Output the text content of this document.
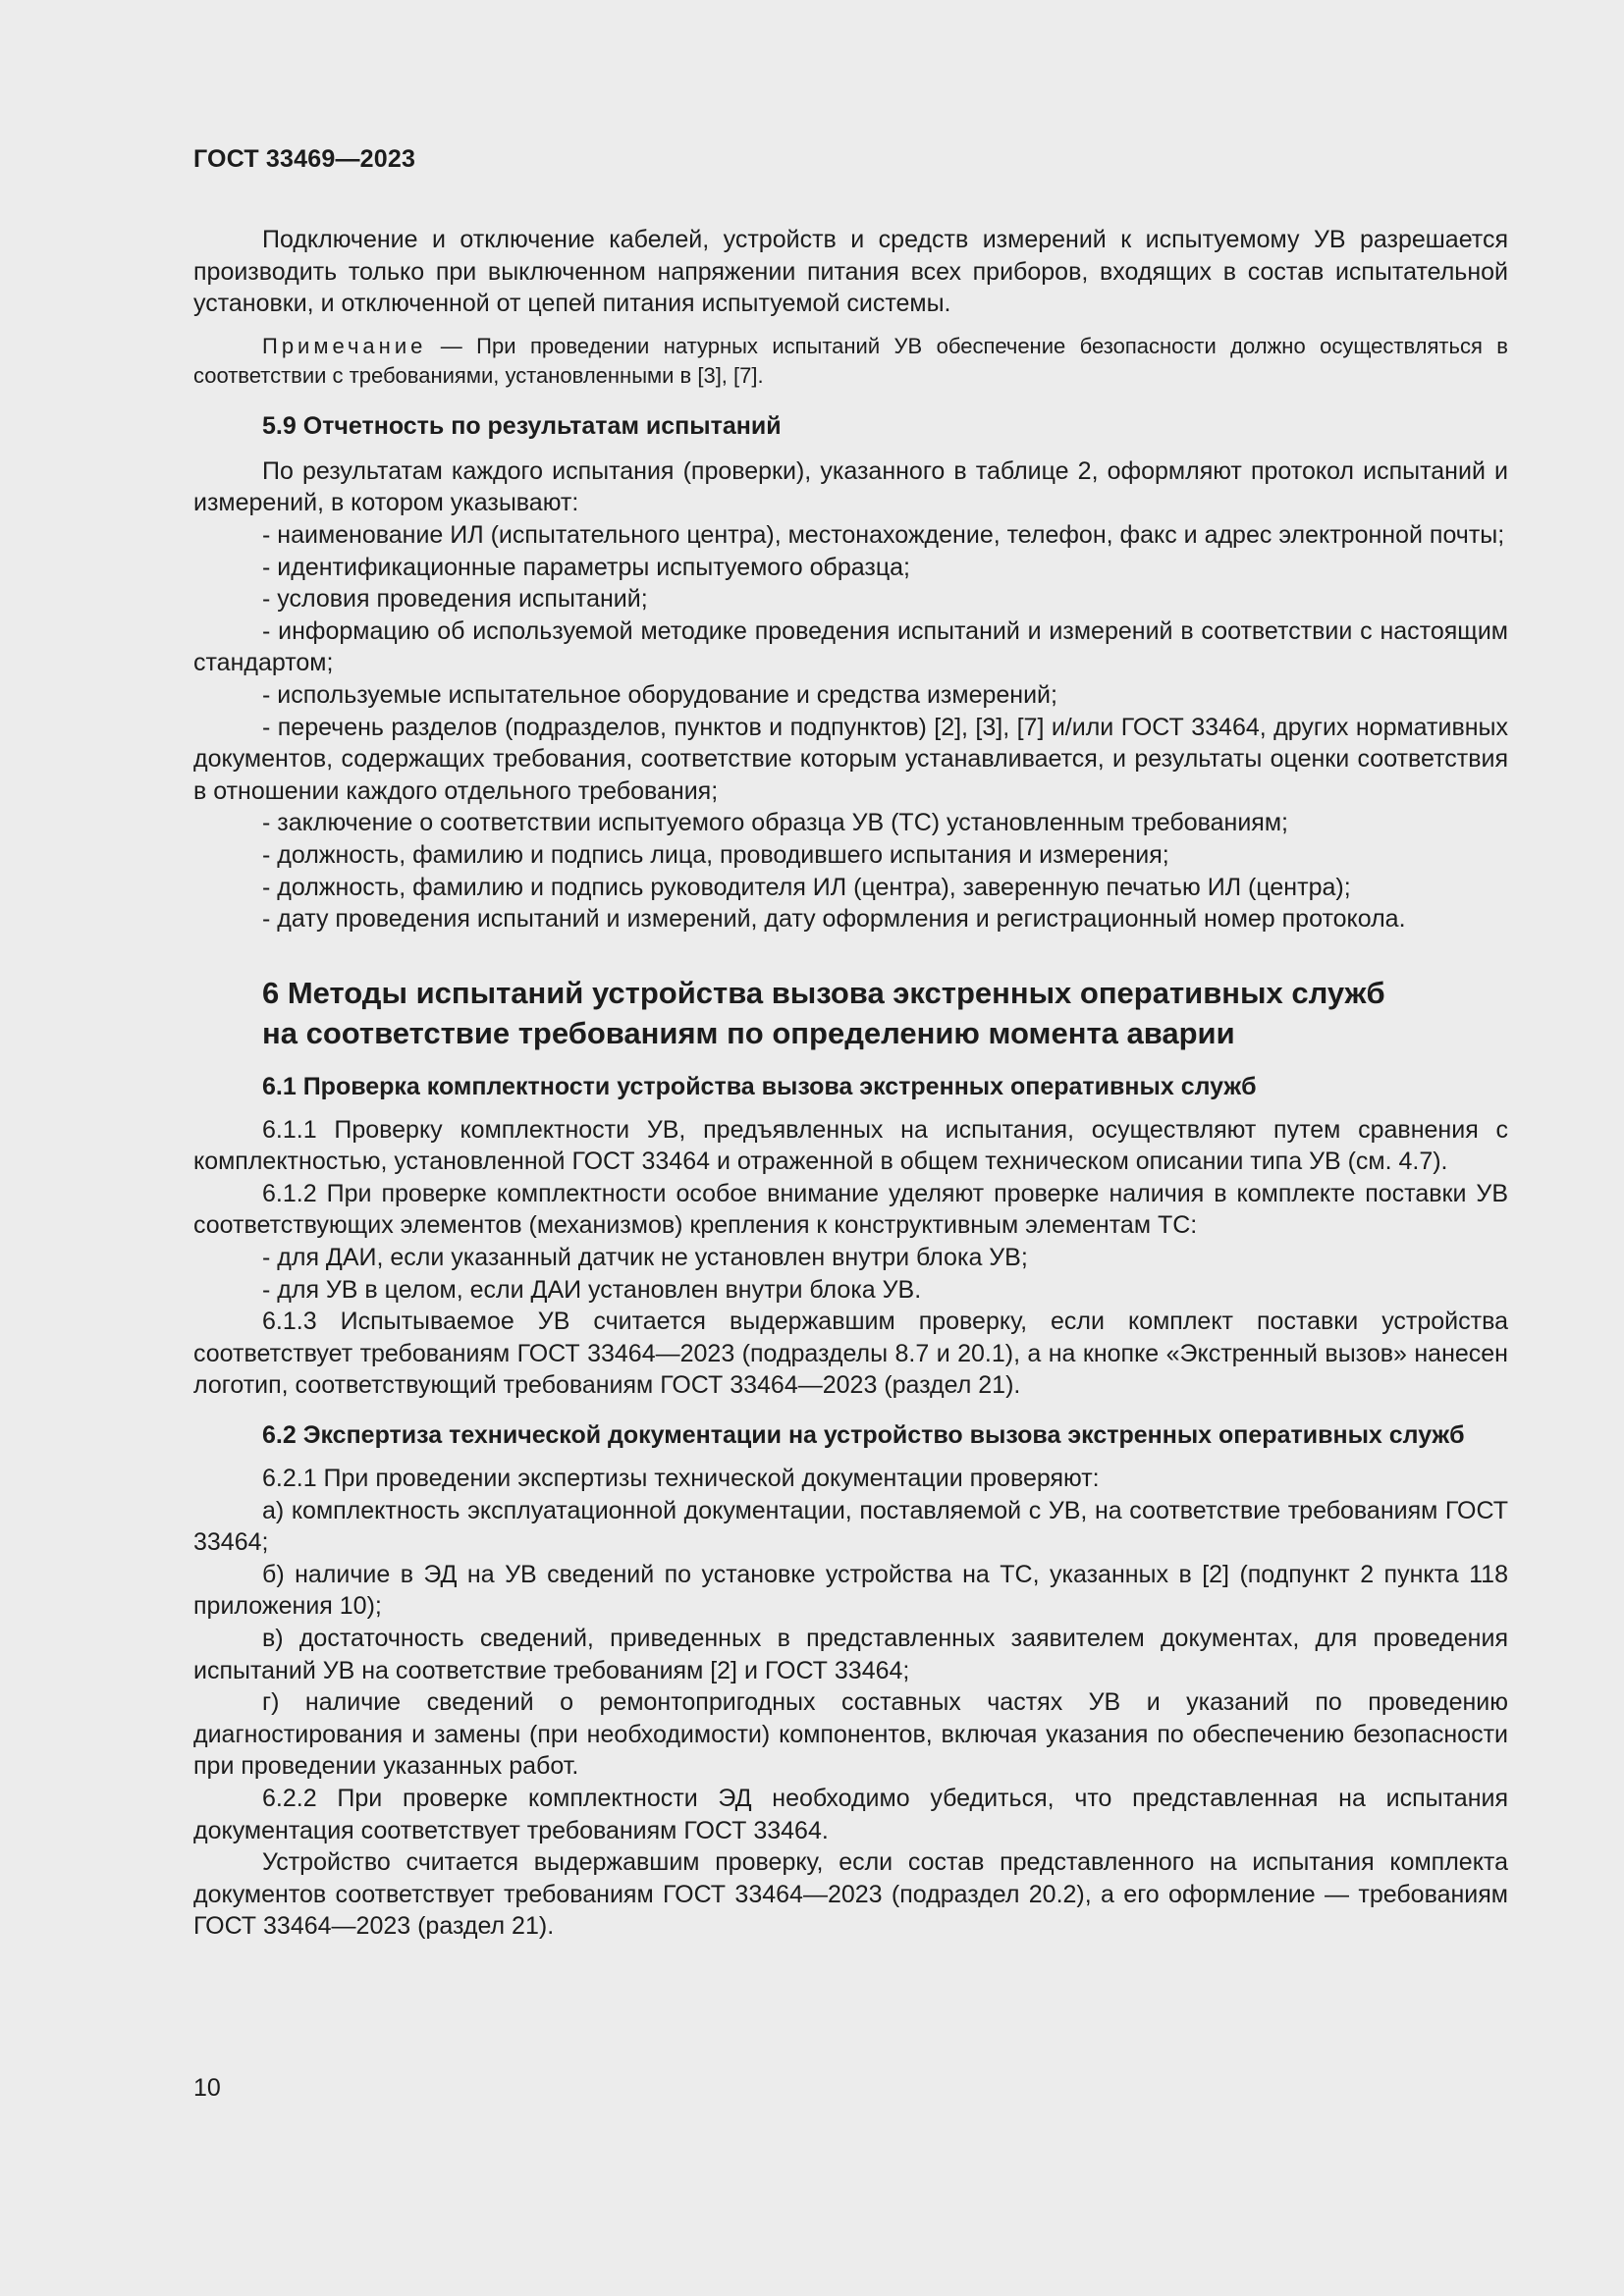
ГОСТ 33469—2023

Подключение и отключение кабелей, устройств и средств измерений к испытуемому УВ разрешается производить только при выключенном напряжении питания всех приборов, входящих в состав испытательной установки, и отключенной от цепей питания испытуемой системы.

Примечание — При проведении натурных испытаний УВ обеспечение безопасности должно осуществляться в соответствии с требованиями, установленными в [3], [7].

5.9 Отчетность по результатам испытаний

По результатам каждого испытания (проверки), указанного в таблице 2, оформляют протокол испытаний и измерений, в котором указывают:

- наименование ИЛ (испытательного центра), местонахождение, телефон, факс и адрес электронной почты;

- идентификационные параметры испытуемого образца;

- условия проведения испытаний;

- информацию об используемой методике проведения испытаний и измерений в соответствии с настоящим стандартом;

- используемые испытательное оборудование и средства измерений;

- перечень разделов (подразделов, пунктов и подпунктов) [2], [3], [7] и/или ГОСТ 33464, других нормативных документов, содержащих требования, соответствие которым устанавливается, и результаты оценки соответствия в отношении каждого отдельного требования;

- заключение о соответствии испытуемого образца УВ (ТС) установленным требованиям;

- должность, фамилию и подпись лица, проводившего испытания и измерения;

- должность, фамилию и подпись руководителя ИЛ (центра), заверенную печатью ИЛ (центра);

- дату проведения испытаний и измерений, дату оформления и регистрационный номер протокола.

6 Методы испытаний устройства вызова экстренных оперативных служб
на соответствие требованиям по определению момента аварии
6.1 Проверка комплектности устройства вызова экстренных оперативных служб

6.1.1 Проверку комплектности УВ, предъявленных на испытания, осуществляют путем сравнения с комплектностью, установленной ГОСТ 33464 и отраженной в общем техническом описании типа УВ (см. 4.7).

6.1.2 При проверке комплектности особое внимание уделяют проверке наличия в комплекте поставки УВ соответствующих элементов (механизмов) крепления к конструктивным элементам ТС:

- для ДАИ, если указанный датчик не установлен внутри блока УВ;

- для УВ в целом, если ДАИ установлен внутри блока УВ.

6.1.3 Испытываемое УВ считается выдержавшим проверку, если комплект поставки устройства соответствует требованиям ГОСТ 33464—2023 (подразделы 8.7 и 20.1), а на кнопке «Экстренный вызов» нанесен логотип, соответствующий требованиям ГОСТ 33464—2023 (раздел 21).

6.2 Экспертиза технической документации на устройство вызова экстренных оперативных служб

6.2.1 При проведении экспертизы технической документации проверяют:

а) комплектность эксплуатационной документации, поставляемой с УВ, на соответствие требованиям ГОСТ 33464;

б) наличие в ЭД на УВ сведений по установке устройства на ТС, указанных в [2] (подпункт 2 пункта 118 приложения 10);

в) достаточность сведений, приведенных в представленных заявителем документах, для проведения испытаний УВ на соответствие требованиям [2] и ГОСТ 33464;

г) наличие сведений о ремонтопригодных составных частях УВ и указаний по проведению диагностирования и замены (при необходимости) компонентов, включая указания по обеспечению безопасности при проведении указанных работ.

6.2.2 При проверке комплектности ЭД необходимо убедиться, что представленная на испытания документация соответствует требованиям ГОСТ 33464.

Устройство считается выдержавшим проверку, если состав представленного на испытания комплекта документов соответствует требованиям ГОСТ 33464—2023 (подраздел 20.2), а его оформление — требованиям ГОСТ 33464—2023 (раздел 21).

10
